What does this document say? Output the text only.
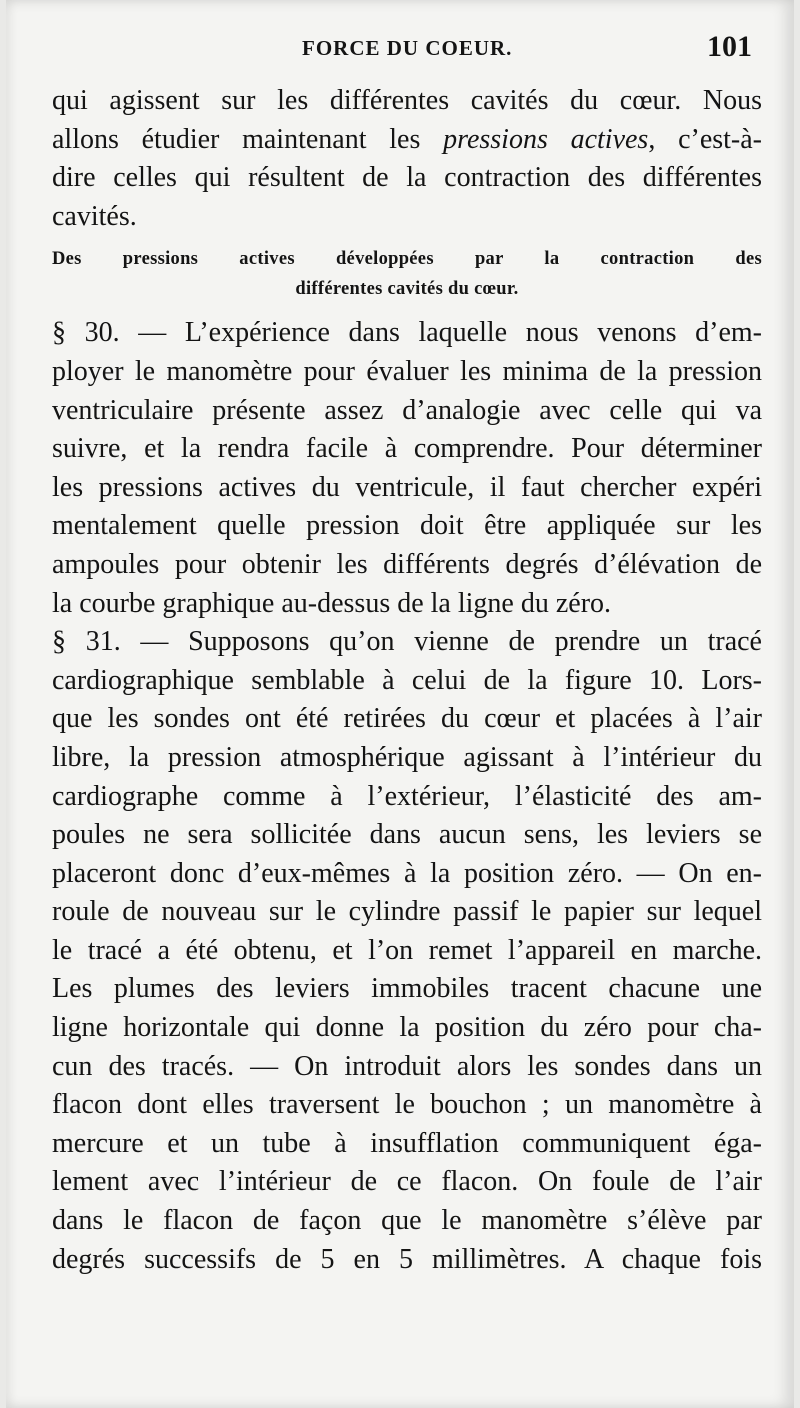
FORCE DU COEUR.	101
qui agissent sur les différentes cavités du cœur. Nous
allons étudier maintenant les pressions actives, c’est-à-
dire celles qui résultent de la contraction des différentes
cavités.
Des pressions actives développées par la contraction des
différentes cavités du cœur.
§ 30. — L’expérience dans laquelle nous venons d’em-
ployer le manomètre pour évaluer les minima de la pression
ventriculaire présente assez d’analogie avec celle qui va
suivre, et la rendra facile à comprendre. Pour déterminer
les pressions actives du ventricule, il faut chercher expéri
mentalement quelle pression doit être appliquée sur les
ampoules pour obtenir les différents degrés d’élévation de
la courbe graphique au-dessus de la ligne du zéro.
§ 31. — Supposons qu’on vienne de prendre un tracé
cardiographique semblable à celui de la figure 10. Lors-
que les sondes ont été retirées du cœur et placées à l’air
libre, la pression atmosphérique agissant à l’intérieur du
cardiographe comme à l’extérieur, l’élasticité des am-
poules ne sera sollicitée dans aucun sens, les leviers se
placeront donc d’eux-mêmes à la position zéro. — On en-
roule de nouveau sur le cylindre passif le papier sur lequel
le tracé a été obtenu, et l’on remet l’appareil en marche.
Les plumes des leviers immobiles tracent chacune une
ligne horizontale qui donne la position du zéro pour cha-
cun des tracés. — On introduit alors les sondes dans un
flacon dont elles traversent le bouchon ; un manomètre à
mercure et un tube à insufflation communiquent éga-
lement avec l’intérieur de ce flacon. On foule de l’air
dans le flacon de façon que le manomètre s’élève par
degrés successifs de 5 en 5 millimètres. A chaque fois
